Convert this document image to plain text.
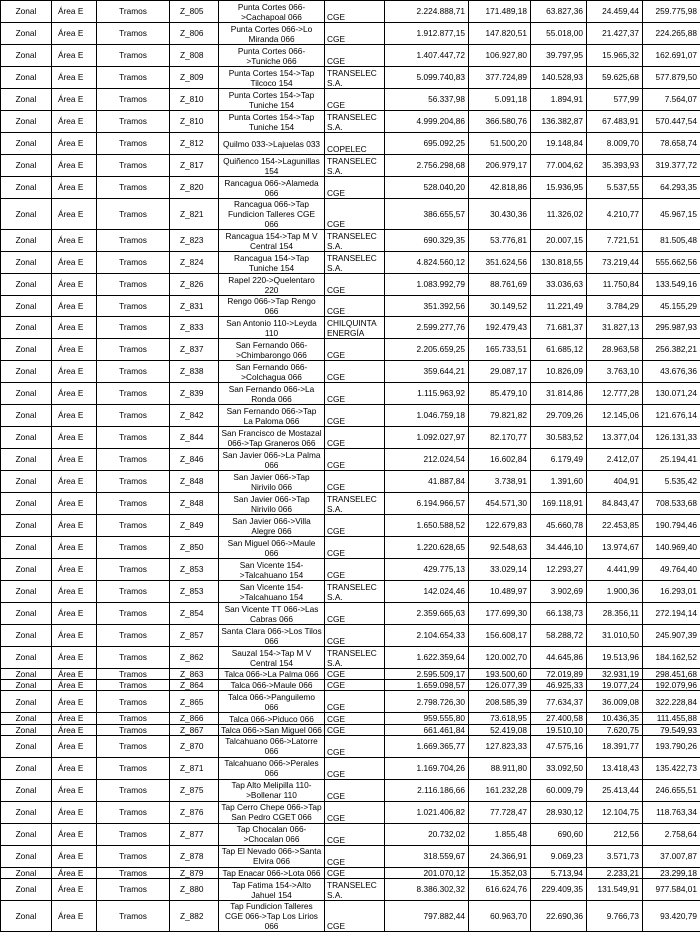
Zonal	Área E	Tramos	Z_805	Punta Cortes 066->Cachapoal 066	CGE	2.224.888,71	171.489,18	63.827,36	24.459,44	259.775,98
Zonal	Área E	Tramos	Z_806	Punta Cortes 066->Lo Miranda 066	CGE	1.912.877,15	147.820,51	55.018,00	21.427,37	224.265,88
Zonal	Área E	Tramos	Z_808	Punta Cortes 066->Tuniche 066	CGE	1.407.447,72	106.927,80	39.797,95	15.965,32	162.691,07
Zonal	Área E	Tramos	Z_809	Punta Cortes 154->Tap Tilcoco 154	TRANSELEC S.A.	5.099.740,83	377.724,89	140.528,93	59.625,68	577.879,50
Zonal	Área E	Tramos	Z_810	Punta Cortes 154->Tap Tuniche 154	CGE	56.337,98	5.091,18	1.894,91	577,99	7.564,07
Zonal	Área E	Tramos	Z_810	Punta Cortes 154->Tap Tuniche 154	TRANSELEC S.A.	4.999.204,86	366.580,76	136.382,87	67.483,91	570.447,54
Zonal	Área E	Tramos	Z_812	Quilmo 033->Lajuelas 033	COPELEC	695.092,25	51.500,20	19.148,84	8.009,70	78.658,74
Zonal	Área E	Tramos	Z_817	Quiñenco 154->Lagunillas 154	TRANSELEC S.A.	2.756.298,68	206.979,17	77.004,62	35.393,93	319.377,72
Zonal	Área E	Tramos	Z_820	Rancagua 066->Alameda 066	CGE	528.040,20	42.818,86	15.936,95	5.537,55	64.293,35
Zonal	Área E	Tramos	Z_821	Rancagua 066->Tap Fundicion Talleres CGE 066	CGE	386.655,57	30.430,36	11.326,02	4.210,77	45.967,15
Zonal	Área E	Tramos	Z_823	Rancagua 154->Tap M V Central 154	TRANSELEC S.A.	690.329,35	53.776,81	20.007,15	7.721,51	81.505,48
Zonal	Área E	Tramos	Z_824	Rancagua 154->Tap Tuniche 154	TRANSELEC S.A.	4.824.560,12	351.624,56	130.818,55	73.219,44	555.662,56
Zonal	Área E	Tramos	Z_826	Rapel 220->Quelentaro 220	CGE	1.083.992,79	88.761,69	33.036,63	11.750,84	133.549,16
Zonal	Área E	Tramos	Z_831	Rengo 066->Tap Rengo 066	CGE	351.392,56	30.149,52	11.221,49	3.784,29	45.155,29
Zonal	Área E	Tramos	Z_833	San Antonio 110->Leyda 110	CHILQUINTA ENERGÍA	2.599.277,76	192.479,43	71.681,37	31.827,13	295.987,93
Zonal	Área E	Tramos	Z_837	San Fernando 066->Chimbarongo 066	CGE	2.205.659,25	165.733,51	61.685,12	28.963,58	256.382,21
Zonal	Área E	Tramos	Z_838	San Fernando 066->Colchagua 066	CGE	359.644,21	29.087,17	10.826,09	3.763,10	43.676,36
Zonal	Área E	Tramos	Z_839	San Fernando 066->La Ronda 066	CGE	1.115.963,92	85.479,10	31.814,86	12.777,28	130.071,24
Zonal	Área E	Tramos	Z_842	San Fernando 066->Tap La Paloma 066	CGE	1.046.759,18	79.821,82	29.709,26	12.145,06	121.676,14
Zonal	Área E	Tramos	Z_844	San Francisco de Mostazal 066->Tap Graneros 066	CGE	1.092.027,97	82.170,77	30.583,52	13.377,04	126.131,33
Zonal	Área E	Tramos	Z_846	San Javier 066->La Palma 066	CGE	212.024,54	16.602,84	6.179,49	2.412,07	25.194,41
Zonal	Área E	Tramos	Z_848	San Javier 066->Tap Nirivilo 066	CGE	41.887,84	3.738,91	1.391,60	404,91	5.535,42
Zonal	Área E	Tramos	Z_848	San Javier 066->Tap Nirivilo 066	TRANSELEC S.A.	6.194.966,57	454.571,30	169.118,91	84.843,47	708.533,68
Zonal	Área E	Tramos	Z_849	San Javier 066->Villa Alegre 066	CGE	1.650.588,52	122.679,83	45.660,78	22.453,85	190.794,46
Zonal	Área E	Tramos	Z_850	San Miguel 066->Maule 066	CGE	1.220.628,65	92.548,63	34.446,10	13.974,67	140.969,40
Zonal	Área E	Tramos	Z_853	San Vicente 154->Talcahuano 154	CGE	429.775,13	33.029,14	12.293,27	4.441,99	49.764,40
Zonal	Área E	Tramos	Z_853	San Vicente 154->Talcahuano 154	TRANSELEC S.A.	142.024,46	10.489,97	3.902,69	1.900,36	16.293,01
Zonal	Área E	Tramos	Z_854	San Vicente TT 066->Las Cabras 066	CGE	2.359.665,63	177.699,30	66.138,73	28.356,11	272.194,14
Zonal	Área E	Tramos	Z_857	Santa Clara 066->Los Tilos 066	CGE	2.104.654,33	156.608,17	58.288,72	31.010,50	245.907,39
Zonal	Área E	Tramos	Z_862	Sauzal 154->Tap M V Central 154	TRANSELEC S.A.	1.622.359,64	120.002,70	44.645,86	19.513,96	184.162,52
Zonal	Área E	Tramos	Z_863	Talca 066->La Palma 066	CGE	2.595.509,17	193.500,60	72.019,89	32.931,19	298.451,68
Zonal	Área E	Tramos	Z_864	Talca 066->Maule 066	CGE	1.659.098,57	126.077,39	46.925,33	19.077,24	192.079,96
Zonal	Área E	Tramos	Z_865	Talca 066->Panguilemo 066	CGE	2.798.726,30	208.585,39	77.634,37	36.009,08	322.228,84
Zonal	Área E	Tramos	Z_866	Talca 066->Piduco 066	CGE	959.555,80	73.618,95	27.400,58	10.436,35	111.455,88
Zonal	Área E	Tramos	Z_867	Talca 066->San Miguel 066	CGE	661.461,84	52.419,08	19.510,10	7.620,75	79.549,93
Zonal	Área E	Tramos	Z_870	Talcahuano 066->Latorre 066	CGE	1.669.365,77	127.823,33	47.575,16	18.391,77	193.790,26
Zonal	Área E	Tramos	Z_871	Talcahuano 066->Perales 066	CGE	1.169.704,26	88.911,80	33.092,50	13.418,43	135.422,73
Zonal	Área E	Tramos	Z_875	Tap Alto Melipilla 110->Bollenar 110	CGE	2.116.186,66	161.232,28	60.009,79	25.413,44	246.655,51
Zonal	Área E	Tramos	Z_876	Tap Cerro Chepe 066->Tap San Pedro CGET 066	CGE	1.021.406,82	77.728,47	28.930,12	12.104,75	118.763,34
Zonal	Área E	Tramos	Z_877	Tap Chocalan 066->Chocalan 066	CGE	20.732,02	1.855,48	690,60	212,56	2.758,64
Zonal	Área E	Tramos	Z_878	Tap El Nevado 066->Santa Elvira 066	CGE	318.559,67	24.366,91	9.069,23	3.571,73	37.007,87
Zonal	Área E	Tramos	Z_879	Tap Enacar 066->Lota 066	CGE	201.070,12	15.352,03	5.713,94	2.233,21	23.299,18
Zonal	Área E	Tramos	Z_880	Tap Fatima 154->Alto Jahuel 154	TRANSELEC S.A.	8.386.302,32	616.624,76	229.409,35	131.549,91	977.584,01
Zonal	Área E	Tramos	Z_882	Tap Fundicion Talleres CGE 066->Tap Los Lirios 066	CGE	797.882,44	60.963,70	22.690,36	9.766,73	93.420,79
